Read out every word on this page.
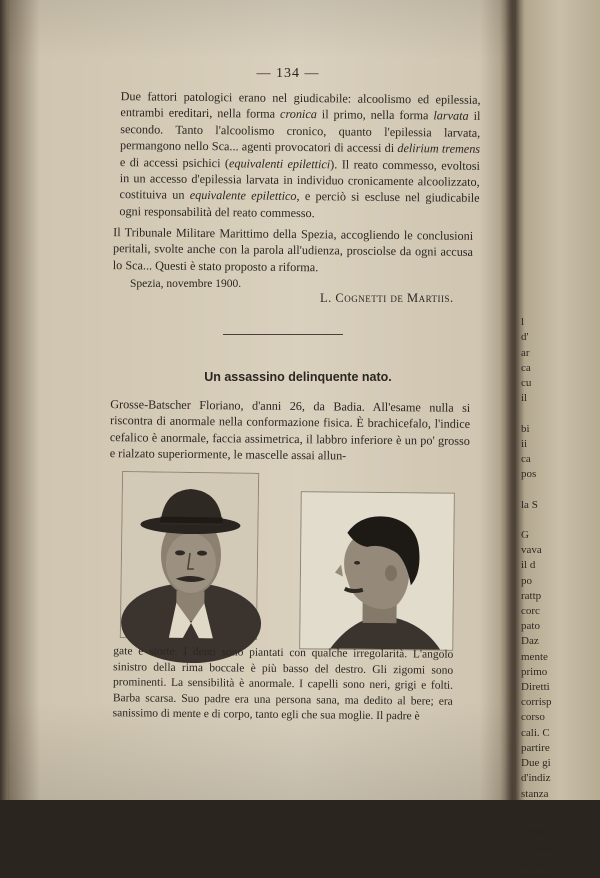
— 134 —
Due fattori patologici erano nel giudicabile: alcoolismo ed epilessia, entrambi ereditari, nella forma cronica il primo, nella forma larvata il secondo. Tanto l'alcoolismo cronico, quanto l'epilessia larvata, permangono nello Sca... agenti provocatori di accessi di delirium tremens e di accessi psichici (equivalenti epilettici). Il reato commesso, evoltosi in un accesso d'epilessia larvata in individuo cronicamente alcoolizzato, costituiva un equivalente epilettico, e perciò si escluse nel giudicabile ogni responsabilità del reato commesso.
Il Tribunale Militare Marittimo della Spezia, accogliendo le conclusioni peritali, svolte anche con la parola all'udienza, prosciolse da ogni accusa lo Sca... Questi è stato proposto a riforma.
Spezia, novembre 1900.
L. Cognetti de Martiis.
Un assassino delinquente nato.
Grosse-Batscher Floriano, d'anni 26, da Badia. All'esame nulla si riscontra di anormale nella conformazione fisica. È brachicefalo, l'indice cefalico è anormale, faccia assimetrica, il labbro inferiore è un po' grosso e rialzato superiormente, le mascelle assai allun-
gate e storte. I denti sono piantati con qualche irregolarità. L'angolo sinistro della rima boccale è più basso del destro. Gli zigomi sono prominenti. La sensibilità è anormale. I capelli sono neri, grigi e folti. Barba scarsa. Suo padre era una persona sana, ma dedito al bere; era sanissimo di mente e di corpo, tanto egli che sua moglie. Il padre è

l
d'
ar
ca
cu
il

bi
ii
ca
pos

la S

G
vava
il d
po
rattp
corc
pato
Daz
mente
primo
Diretti
corrisp
corso
cali. C
partire
Due gi
d'indiz
stanza
in una
ferrea,
cui era
si prese
ancora i
